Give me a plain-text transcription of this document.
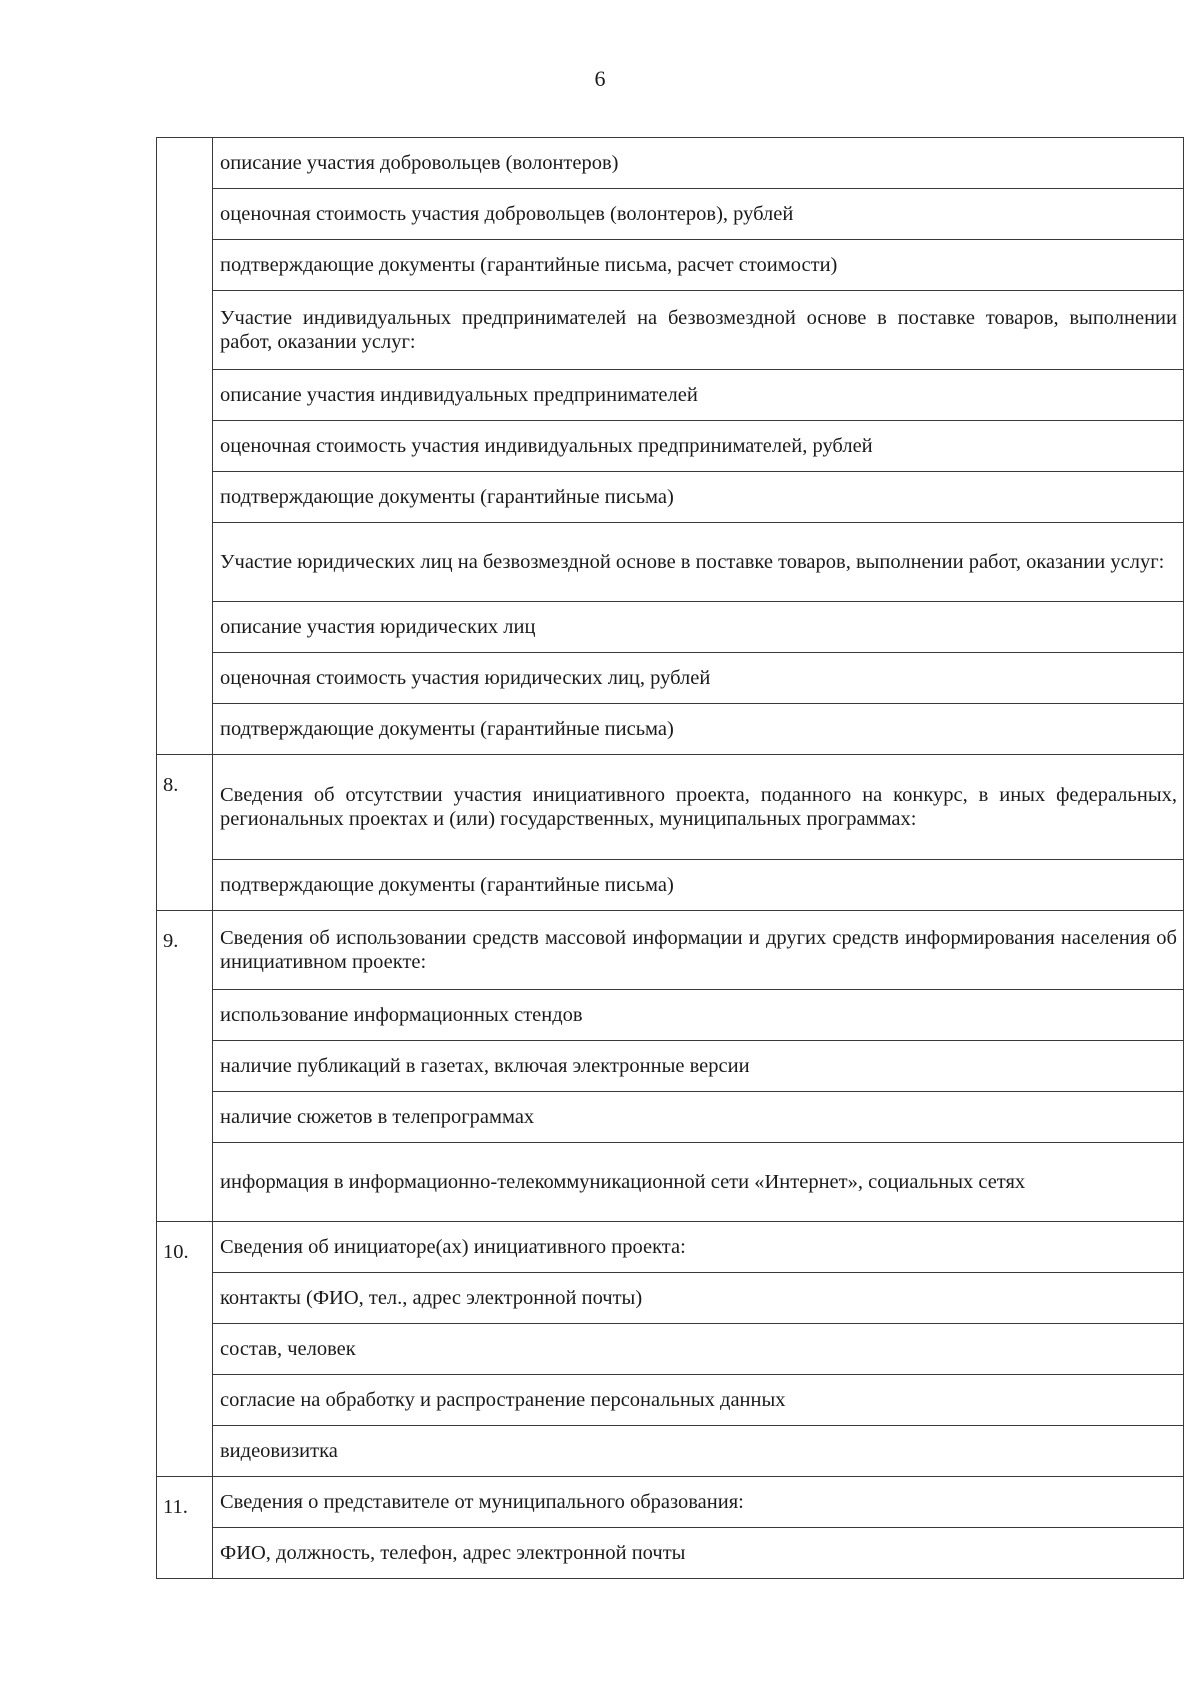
6

	описание участия добровольцев (волонтеров)

	оценочная стоимость участия добровольцев (волонтеров), рублей

	подтверждающие документы (гарантийные письма, расчет стоимости)

	Участие индивидуальных предпринимателей на безвозмездной основе в поставке товаров, выполнении работ, оказании услуг:

	описание участия индивидуальных предпринимателей

	оценочная стоимость участия индивидуальных предпринимателей, рублей

	подтверждающие документы (гарантийные письма)

	Участие юридических лиц на безвозмездной основе в поставке товаров, выполнении работ, оказании услуг:

	описание участия юридических лиц

	оценочная стоимость участия юридических лиц, рублей

	подтверждающие документы (гарантийные письма)

8.	Сведения об отсутствии участия инициативного проекта, поданного на конкурс, в иных федеральных, региональных проектах и (или) государственных, муниципальных программах:

	подтверждающие документы (гарантийные письма)

9.	Сведения об использовании средств массовой информации и других средств информирования населения об инициативном проекте:

	использование информационных стендов

	наличие публикаций в газетах, включая электронные версии

	наличие сюжетов в телепрограммах

	информация в информационно-телекоммуникационной сети «Интернет», социальных сетях

10.	Сведения об инициаторе(ах) инициативного проекта:

	контакты (ФИО, тел., адрес электронной почты)

	состав, человек

	согласие на обработку и распространение персональных данных

	видеовизитка

11.	Сведения о представителе от муниципального образования:

	ФИО, должность, телефон, адрес электронной почты
